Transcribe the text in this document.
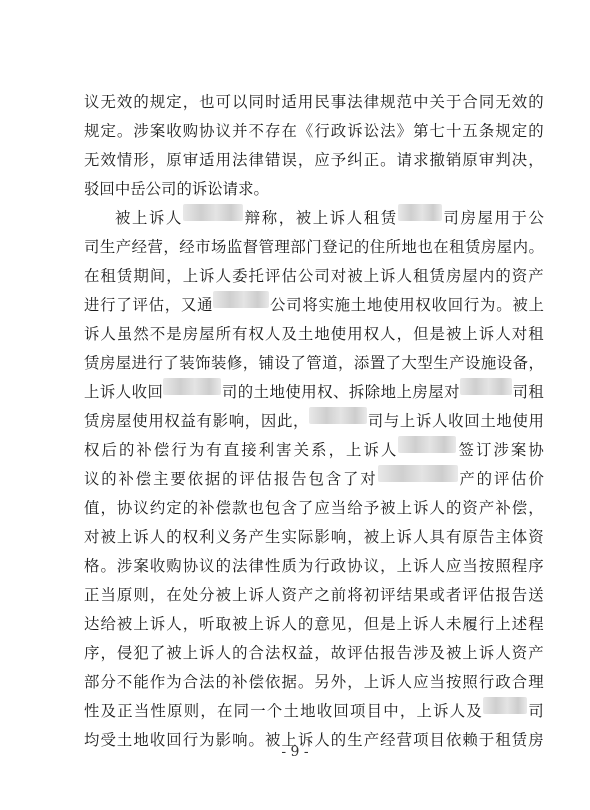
议 无 效 的 规 定 ， 也 可 以 同 时 适 用 民 事 法 律 规 范 中 关 于 合 同 无 效 的
规 定 。 涉 案 收 购 协 议 并 不 存 在 《 行 政 诉 讼 法 》 第 七 十 五 条 规 定 的
无 效 情 形 ， 原 审 适 用 法 律 错 误 ， 应 予 纠 正 。 请 求 撤 销 原 审 判 决 ，
驳 回 中 岳 公 司 的 诉 讼 请 求 。
被 上 诉 人	辩 称 ， 被 上 诉 人 租 赁	司 房 屋 用 于 公
司 生 产 经 营 ， 经 市 场 监 督 管 理 部 门 登 记 的 住 所 地 也 在 租 赁 房 屋 内 。
在 租 赁 期 间 ， 上 诉 人 委 托 评 估 公 司 对 被 上 诉 人 租 赁 房 屋 内 的 资 产
进 行 了 评 估 ， 又 通	公 司 将 实 施 土 地 使 用 权 收 回 行 为 。 被 上
诉 人 虽 然 不 是 房 屋 所 有 权 人 及 土 地 使 用 权 人 ， 但 是 被 上 诉 人 对 租
赁 房 屋 进 行 了 装 饰 装 修 ， 铺 设 了 管 道 ， 添 置 了 大 型 生 产 设 施 设 备 ，
上 诉 人 收 回	司 的 土 地 使 用 权 、 拆 除 地 上 房 屋 对	司 租
赁 房 屋 使 用 权 益 有 影 响 ， 因 此 ，	司 与 上 诉 人 收 回 土 地 使 用
权 后 的 补 偿 行 为 有 直 接 利 害 关 系 ， 上 诉 人	签 订 涉 案 协
议 的 补 偿 主 要 依 据 的 评 估 报 告 包 含 了 对	产 的 评 估 价
值 ， 协 议 约 定 的 补 偿 款 也 包 含 了 应 当 给 予 被 上 诉 人 的 资 产 补 偿 ，
对 被 上 诉 人 的 权 利 义 务 产 生 实 际 影 响 ， 被 上 诉 人 具 有 原 告 主 体 资
格 。 涉 案 收 购 协 议 的 法 律 性 质 为 行 政 协 议 ， 上 诉 人 应 当 按 照 程 序
正 当 原 则 ， 在 处 分 被 上 诉 人 资 产 之 前 将 初 评 结 果 或 者 评 估 报 告 送
达 给 被 上 诉 人 ， 听 取 被 上 诉 人 的 意 见 ， 但 是 上 诉 人 未 履 行 上 述 程
序 ， 侵 犯 了 被 上 诉 人 的 合 法 权 益 ， 故 评 估 报 告 涉 及 被 上 诉 人 资 产
部 分 不 能 作 为 合 法 的 补 偿 依 据 。 另 外 ， 上 诉 人 应 当 按 照 行 政 合 理
性 及 正 当 性 原 则 ， 在 同 一 个 土 地 收 回 项 目 中 ， 上 诉 人 及	司
均 受 土 地 收 回 行 为 影 响 。 被 上 诉 人 的 生 产 经 营 项 目 依 赖 于 租 赁 房
- 9 -
